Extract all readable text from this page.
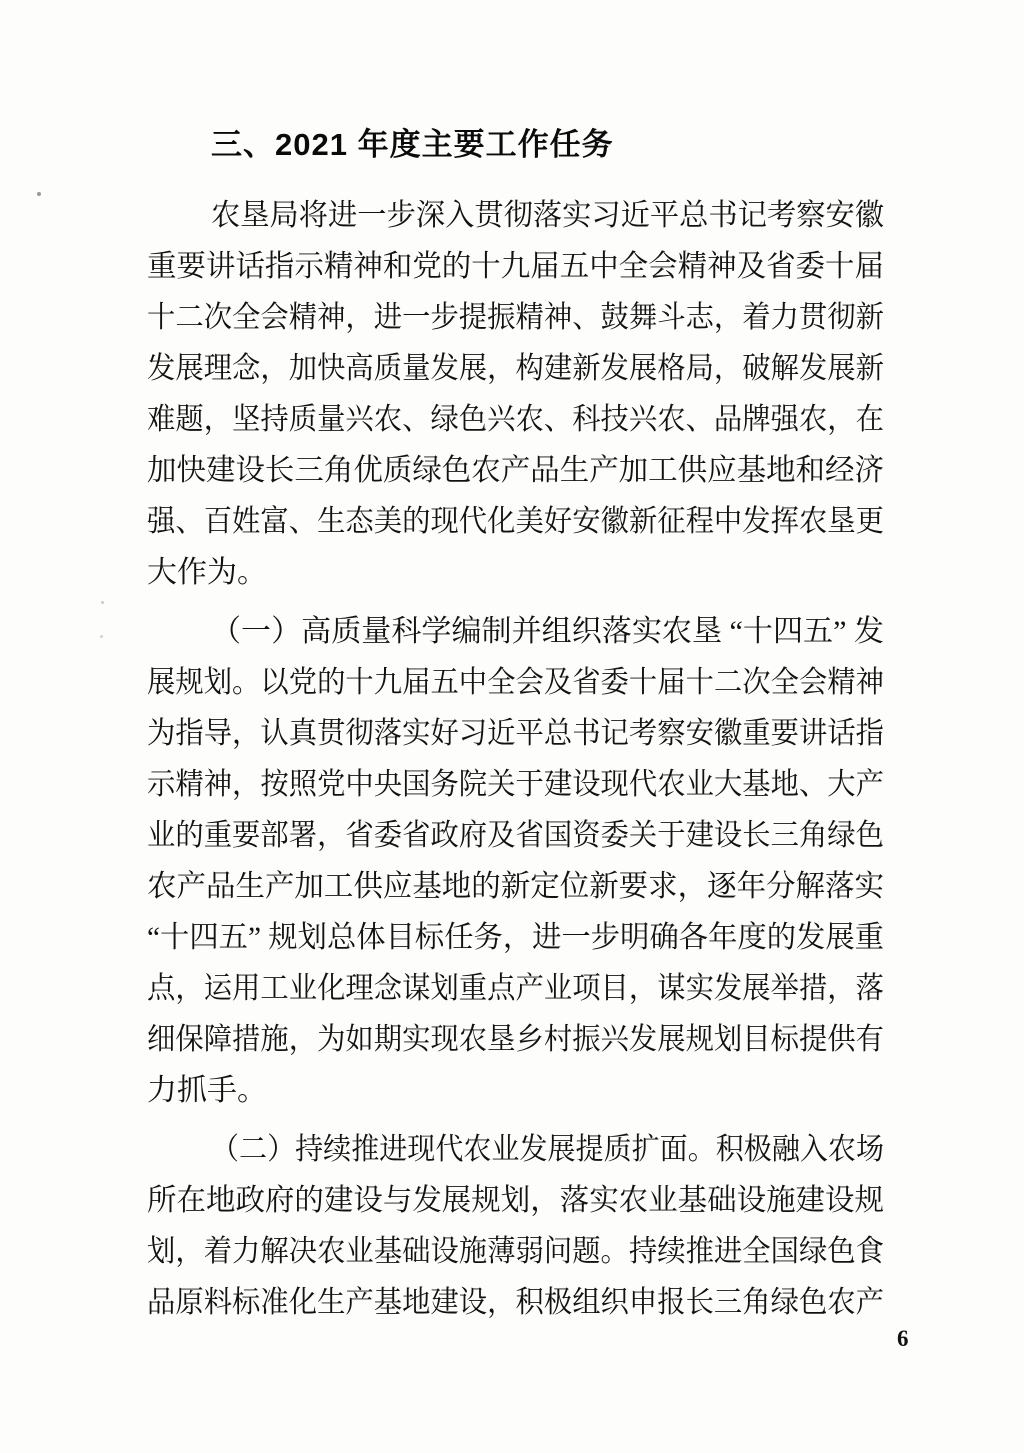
三、2021 年度主要工作任务
农垦局将进一步深入贯彻落实习近平总书记考察安徽
重要讲话指示精神和党的十九届五中全会精神及省委十届
十二次全会精神，进一步提振精神、鼓舞斗志，着力贯彻新
发展理念，加快高质量发展，构建新发展格局，破解发展新
难题，坚持质量兴农、绿色兴农、科技兴农、品牌强农，在
加快建设长三角优质绿色农产品生产加工供应基地和经济
强、百姓富、生态美的现代化美好安徽新征程中发挥农垦更
大作为。
（一）高质量科学编制并组织落实农垦 “十四五” 发
展规划。以党的十九届五中全会及省委十届十二次全会精神
为指导，认真贯彻落实好习近平总书记考察安徽重要讲话指
示精神，按照党中央国务院关于建设现代农业大基地、大产
业的重要部署，省委省政府及省国资委关于建设长三角绿色
农产品生产加工供应基地的新定位新要求，逐年分解落实
“十四五” 规划总体目标任务，进一步明确各年度的发展重
点，运用工业化理念谋划重点产业项目，谋实发展举措，落
细保障措施，为如期实现农垦乡村振兴发展规划目标提供有
力抓手。
（二）持续推进现代农业发展提质扩面。积极融入农场
所在地政府的建设与发展规划，落实农业基础设施建设规
划，着力解决农业基础设施薄弱问题。持续推进全国绿色食
品原料标准化生产基地建设，积极组织申报长三角绿色农产
6
